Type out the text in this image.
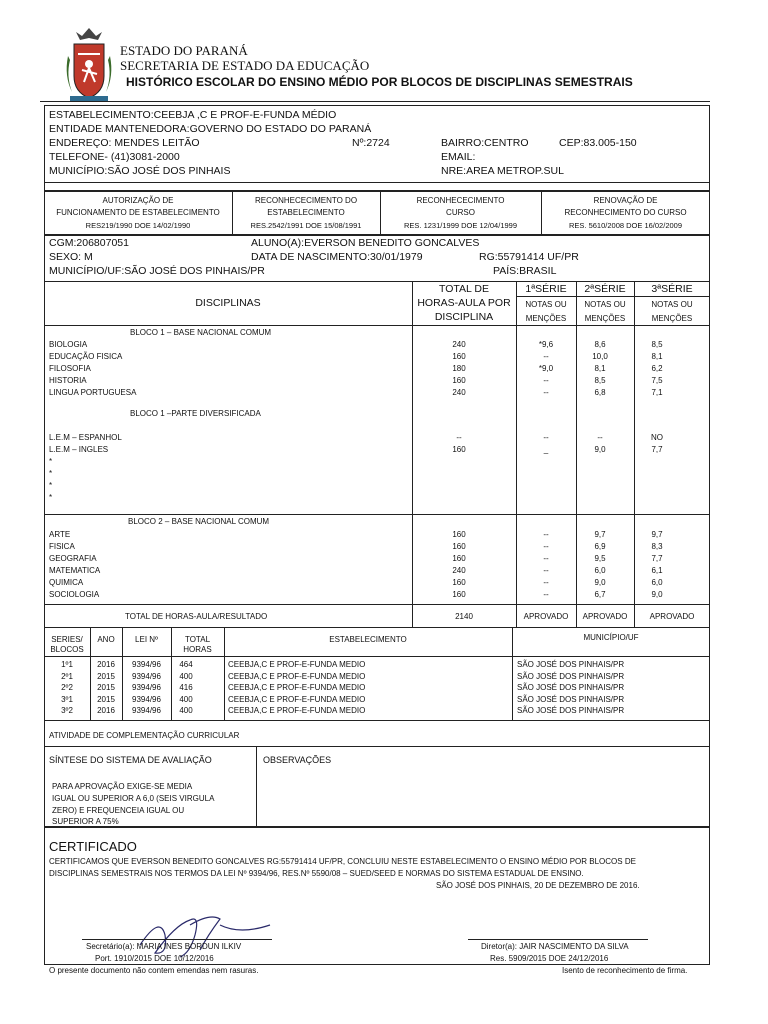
ESTADO DO PARANÁ
SECRETARIA DE ESTADO DA EDUCAÇÃO
HISTÓRICO ESCOLAR DO ENSINO MÉDIO POR BLOCOS DE DISCIPLINAS SEMESTRAIS
ESTABELECIMENTO:CEEBJA ,C E PROF-E-FUNDA MÉDIO
ENTIDADE MANTENEDORA:GOVERNO DO ESTADO DO PARANÁ
ENDEREÇO: MENDES LEITÃO	Nº:2724	BAIRRO:CENTRO	CEP:83.005-150
TELEFONE- (41)3081-2000	EMAIL:
MUNICÍPIO:SÃO JOSÉ DOS PINHAIS	NRE:AREA METROP.SUL
AUTORIZAÇÃO DE
FUNCIONAMENTO DE ESTABELECIMENTO
RES219/1990 DOE 14/02/1990
RECONHECECIMENTO DO
ESTABELECIMENTO
RES.2542/1991 DOE 15/08/1991
RECONHECECIMENTO
CURSO
RES. 1231/1999 DOE 12/04/1999
RENOVAÇÃO DE
RECONHECIMENTO DO CURSO
RES. 5610/2008 DOE 16/02/2009
CGM:206807051	ALUNO(A):EVERSON BENEDITO GONCALVES
SEXO: M	DATA DE NASCIMENTO:30/01/1979	RG:55791414 UF/PR
MUNICÍPIO/UF:SÃO JOSÉ DOS PINHAIS/PR	PAÍS:BRASIL
DISCIPLINAS
TOTAL DE
HORAS-AULA POR
DISCIPLINA
1ªSÉRIE	2ªSÉRIE	3ªSÉRIE
NOTAS OU
MENÇÕES
NOTAS OU
MENÇÕES
NOTAS OU
MENÇÕES
BLOCO 1 – BASE NACIONAL COMUM
BLOCO 1 –PARTE DIVERSIFICADA
BLOCO 2 – BASE NACIONAL COMUM
TOTAL DE HORAS-AULA/RESULTADO	2140	APROVADO	APROVADO	APROVADO
SERIES/
BLOCOS
ANO	LEI Nº	TOTAL
HORAS
ESTABELECIMENTO	MUNICÍPIO/UF
ATIVIDADE DE COMPLEMENTAÇÃO CURRICULAR
SÍNTESE DO SISTEMA DE AVALIAÇÃO	OBSERVAÇÕES
PARA APROVAÇÃO EXIGE-SE MEDIA
IGUAL OU SUPERIOR A 6,0 (SEIS VIRGULA
ZERO) E FREQUENCEIA IGUAL OU
SUPERIOR A 75%
CERTIFICADO
CERTIFICAMOS QUE EVERSON BENEDITO GONCALVES RG:55791414 UF/PR, CONCLUIU NESTE ESTABELECIMENTO O ENSINO MÉDIO POR BLOCOS DE
DISCIPLINAS SEMESTRAIS NOS TERMOS DA LEI Nº 9394/96, RES.Nº 5590/08 – SUED/SEED E NORMAS DO SISTEMA ESTADUAL DE ENSINO.
SÃO JOSÉ DOS PINHAIS, 20 DE DEZEMBRO DE 2016.
Secretário(a): MARIA INES BORDUN ILKIV
Port. 1910/2015 DOE 10/12/2016
Diretor(a): JAIR NASCIMENTO DA SILVA
Res. 5909/2015 DOE 24/12/2016
O presente documento não contem emendas nem rasuras.	Isento de reconhecimento de firma.
BIOLOGIA	240	*9,6	8,6	8,5
EDUCAÇÃO FISICA	160	--	10,0	8,1
FILOSOFIA	180	*9,0	8,1	6,2
HISTORIA	160	--	8,5	7,5
LINGUA PORTUGUESA	240	--	6,8	7,1
L.E.M – ESPANHOL	--	--	--	NO
L.E.M – INGLES	160	_	9,0	7,7
*
*
*
*
ARTE	160	--	9,7	9,7
FISICA	160	--	6,9	8,3
GEOGRAFIA	160	--	9,5	7,7
MATEMATICA	240	--	6,0	6,1
QUIMICA	160	--	9,0	6,0
SOCIOLOGIA	160	--	6,7	9,0
1º1	2016	9394/96	464	CEEBJA,C E PROF-E-FUNDA MEDIO	SÃO JOSÉ DOS PINHAIS/PR
2º1	2015	9394/96	400	CEEBJA,C E PROF-E-FUNDA MEDIO	SÃO JOSÉ DOS PINHAIS/PR
2º2	2015	9394/96	416	CEEBJA,C E PROF-E-FUNDA MEDIO	SÃO JOSÉ DOS PINHAIS/PR
3º1	2015	9394/96	400	CEEBJA,C E PROF-E-FUNDA MEDIO	SÃO JOSÉ DOS PINHAIS/PR
3º2	2016	9394/96	400	CEEBJA,C E PROF-E-FUNDA MEDIO	SÃO JOSÉ DOS PINHAIS/PR
